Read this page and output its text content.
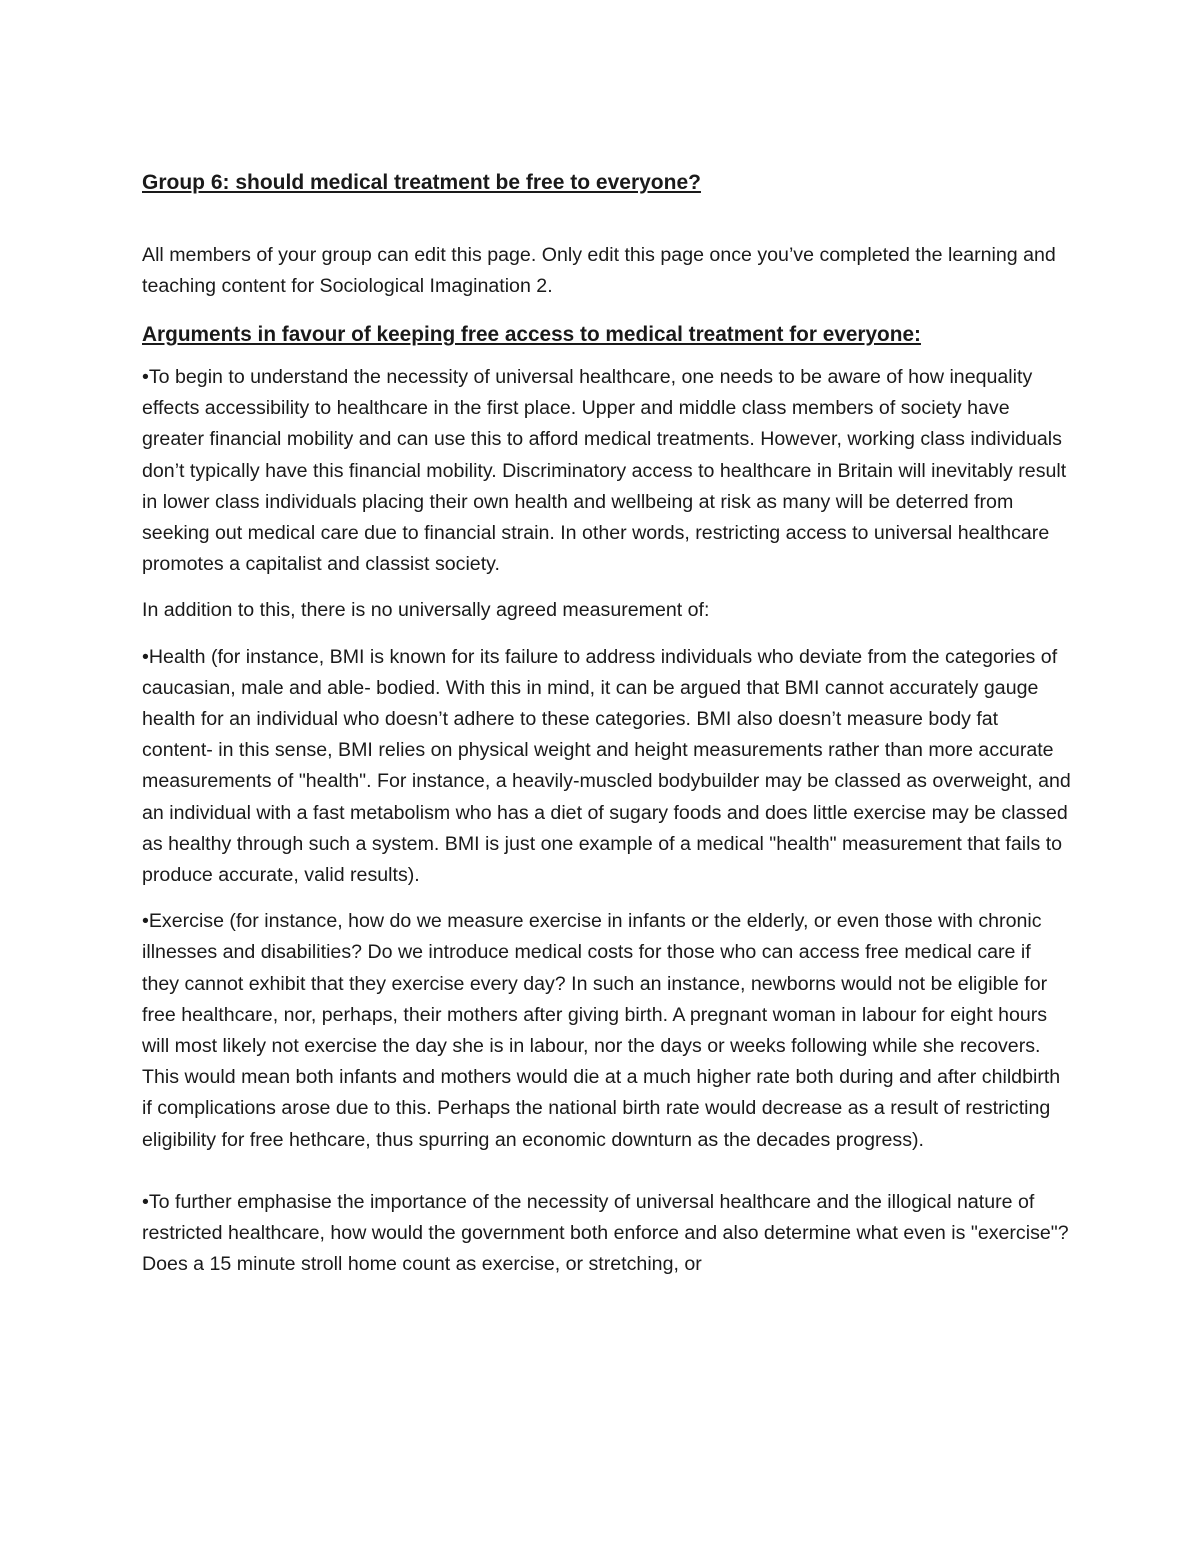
Group 6: should medical treatment be free to everyone?

All members of your group can edit this page. Only edit this page once you’ve completed the learning and teaching content for Sociological Imagination 2.

Arguments in favour of keeping free access to medical treatment for everyone:

•To begin to understand the necessity of universal healthcare, one needs to be aware of how inequality effects accessibility to healthcare in the first place. Upper and middle class members of society have greater financial mobility and can use this to afford medical treatments. However, working class individuals don’t typically have this financial mobility. Discriminatory access to healthcare in Britain will inevitably result in lower class individuals placing their own health and wellbeing at risk as many will be deterred from seeking out medical care due to financial strain. In other words, restricting access to universal healthcare promotes a capitalist and classist society.

In addition to this, there is no universally agreed measurement of:

•Health (for instance, BMI is known for its failure to address individuals who deviate from the categories of caucasian, male and able- bodied. With this in mind, it can be argued that BMI cannot accurately gauge health for an individual who doesn’t adhere to these categories. BMI also doesn’t measure body fat content- in this sense, BMI relies on physical weight and height measurements rather than more accurate measurements of "health". For instance, a heavily-muscled bodybuilder may be classed as overweight, and an individual with a fast metabolism who has a diet of sugary foods and does little exercise may be classed as healthy through such a system. BMI is just one example of a medical "health" measurement that fails to produce accurate, valid results).

•Exercise (for instance, how do we measure exercise in infants or the elderly, or even those with chronic illnesses and disabilities? Do we introduce medical costs for those who can access free medical care if they cannot exhibit that they exercise every day? In such an instance, newborns would not be eligible for free healthcare, nor, perhaps, their mothers after giving birth. A pregnant woman in labour for eight hours will most likely not exercise the day she is in labour, nor the days or weeks following while she recovers. This would mean both infants and mothers would die at a much higher rate both during and after childbirth if complications arose due to this. Perhaps the national birth rate would decrease as a result of restricting eligibility for free hethcare, thus spurring an economic downturn as the decades progress).

•To further emphasise the importance of the necessity of universal healthcare and the illogical nature of restricted healthcare, how would the government both enforce and also determine what even is "exercise"? Does a 15 minute stroll home count as exercise, or stretching, or
